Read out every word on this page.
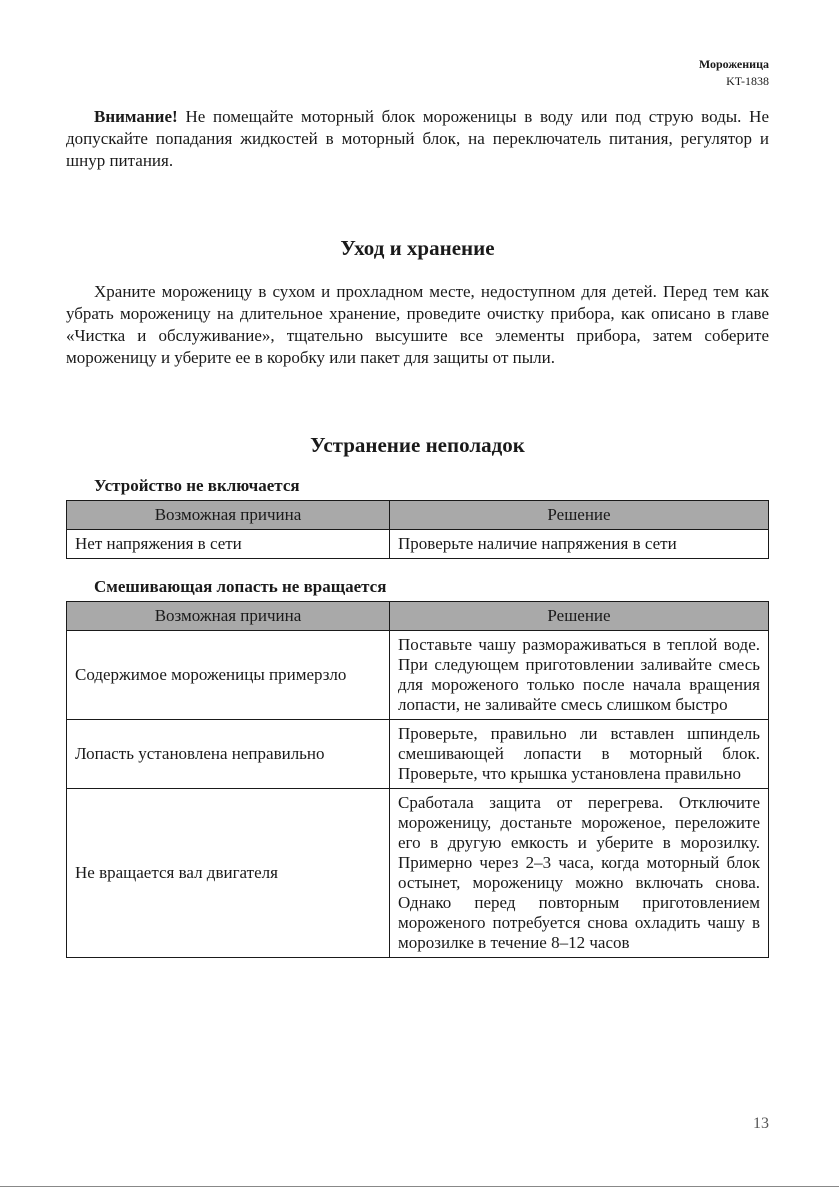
Мороженица
KT-1838

Внимание! Не помещайте моторный блок мороженицы в воду или под струю воды. Не допускайте попадания жидкостей в моторный блок, на переключатель питания, регулятор и шнур питания.

Уход и хранение

Храните мороженицу в сухом и прохладном месте, недоступном для детей. Перед тем как убрать мороженицу на длительное хранение, проведите очистку прибора, как описано в главе «Чистка и обслуживание», тщательно высушите все элементы прибора, затем соберите мороженицу и уберите ее в коробку или пакет для защиты от пыли.

Устранение неполадок
Устройство не включается
Возможная причина	Решение
Нет напряжения в сети	Проверьте наличие напряжения в сети
Смешивающая лопасть не вращается
Возможная причина	Решение
Содержимое мороженицы примерзло	Поставьте чашу размораживаться в теплой воде. При следующем приготовлении заливайте смесь для мороженого только после начала вращения лопасти, не заливайте смесь слишком быстро
Лопасть установлена неправильно	Проверьте, правильно ли вставлен шпиндель смешивающей лопасти в моторный блок. Проверьте, что крышка установлена правильно
Не вращается вал двигателя	Сработала защита от перегрева. Отключите мороженицу, достаньте мороженое, переложите его в другую емкость и уберите в морозилку. Примерно через 2–3 часа, когда моторный блок остынет, мороженицу можно включать снова. Однако перед повторным приготовлением мороженого потребуется снова охладить чашу в морозилке в течение 8–12 часов
13
